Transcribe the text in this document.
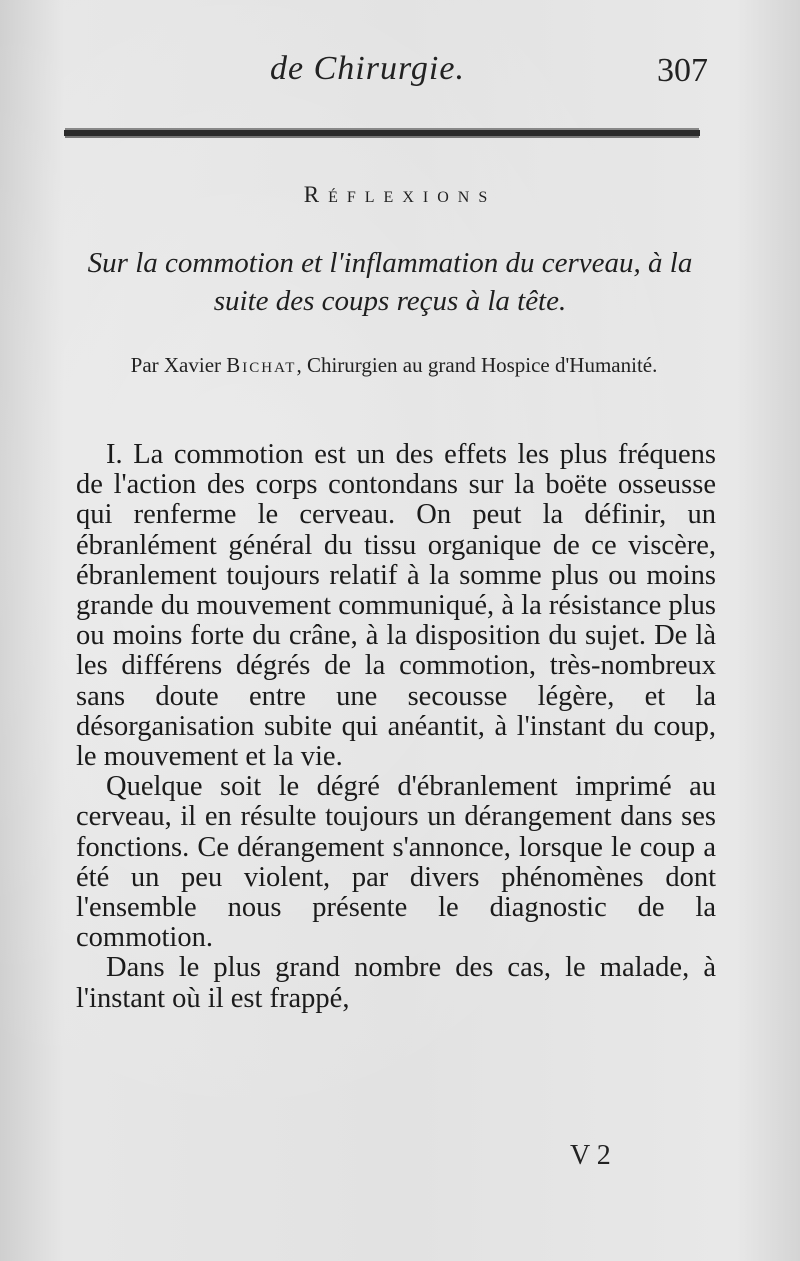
de Chirurgie.	307
Réflexions
Sur la commotion et l'inflammation du cerveau, à la suite des coups reçus à la tête.
Par Xavier Bichat, Chirurgien au grand Hospice d'Humanité.

I. La commotion est un des effets les plus fréquens de l'action des corps contondans sur la boëte osseusse qui renferme le cerveau. On peut la définir, un ébranlément général du tissu organique de ce viscère, ébranlement toujours relatif à la somme plus ou moins grande du mouvement communiqué, à la résistance plus ou moins forte du crâne, à la disposition du sujet. De là les différens dégrés de la commotion, très-nombreux sans doute entre une secousse légère, et la désorganisation subite qui anéantit, à l'instant du coup, le mouvement et la vie.

Quelque soit le dégré d'ébranlement imprimé au cerveau, il en résulte toujours un dérangement dans ses fonctions. Ce dérangement s'annonce, lorsque le coup a été un peu violent, par divers phénomènes dont l'ensemble nous présente le diagnostic de la commotion.

Dans le plus grand nombre des cas, le malade, à l'instant où il est frappé,

V 2
